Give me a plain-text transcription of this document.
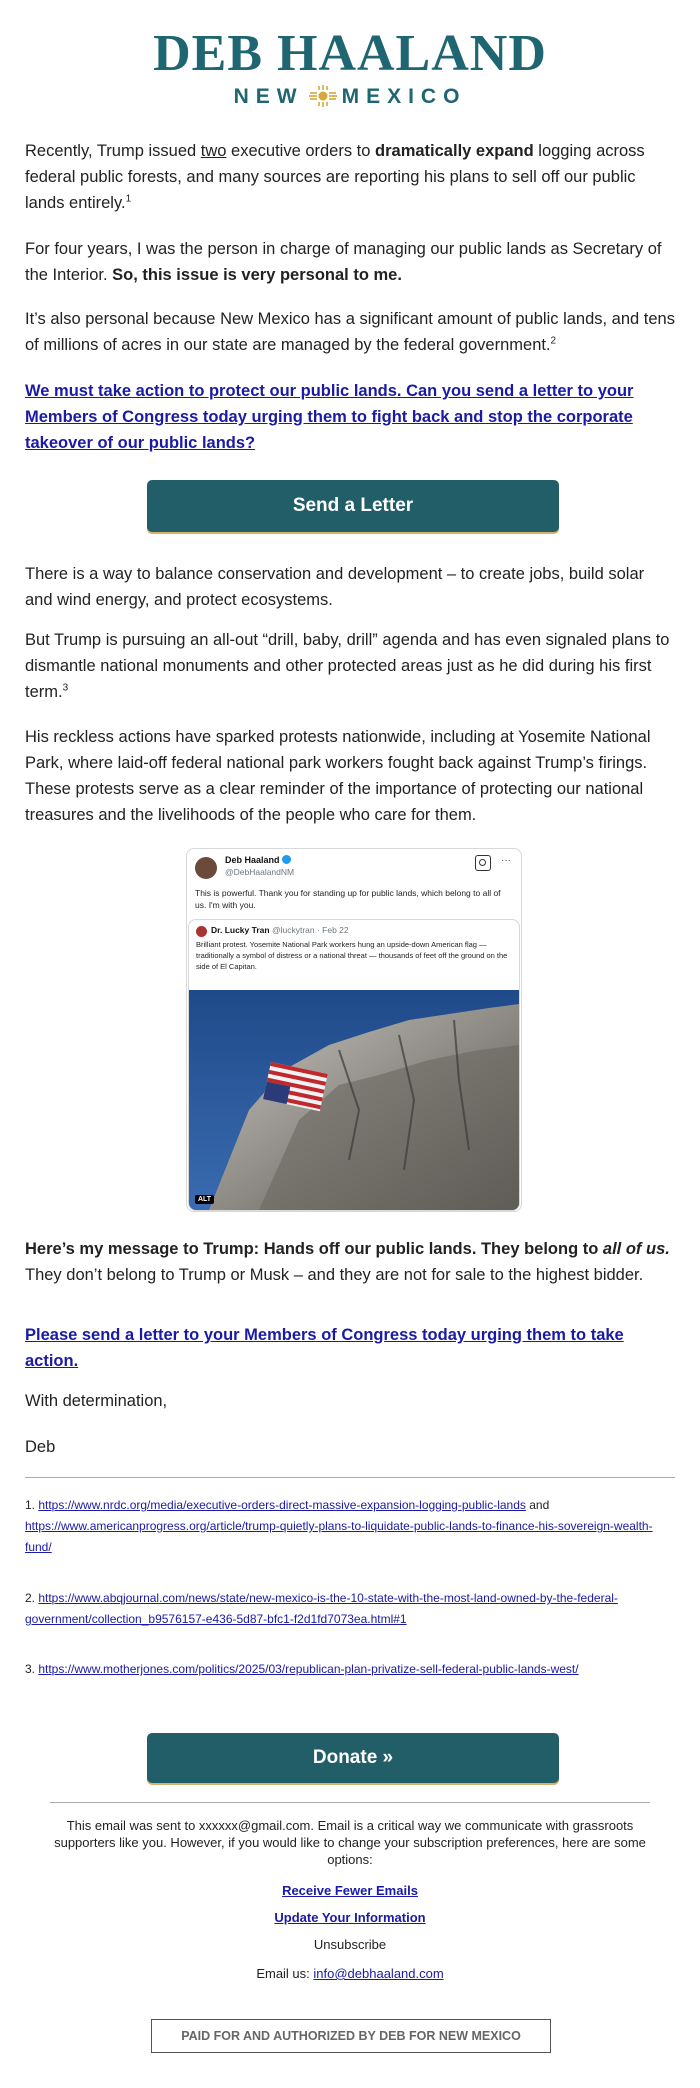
DEB HAALAND
NEW MEXICO
Recently, Trump issued two executive orders to dramatically expand logging across federal public forests, and many sources are reporting his plans to sell off our public lands entirely.$^1$
For four years, I was the person in charge of managing our public lands as Secretary of the Interior. So, this issue is very personal to me.
It’s also personal because New Mexico has a significant amount of public lands, and tens of millions of acres in our state are managed by the federal government.$^2$
We must take action to protect our public lands. Can you send a letter to your Members of Congress today urging them to fight back and stop the corporate takeover of our public lands?
Send a Letter
There is a way to balance conservation and development – to create jobs, build solar and wind energy, and protect ecosystems.
But Trump is pursuing an all-out “drill, baby, drill” agenda and has even signaled plans to dismantle national monuments and other protected areas just as he did during his first term.$^3$
His reckless actions have sparked protests nationwide, including at Yosemite National Park, where laid-off federal national park workers fought back against Trump’s firings. These protests serve as a clear reminder of the importance of protecting our national treasures and the livelihoods of the people who care for them.
Deb Haaland
@DebHaalandNM
···
This is powerful. Thank you for standing up for public lands, which belong to all of us. I'm with you.
Dr. Lucky Tran @luckytran · Feb 22
Brilliant protest. Yosemite National Park workers hung an upside-down American flag — traditionally a symbol of distress or a national threat — thousands of feet off the ground on the side of El Capitan.
ALT
Here’s my message to Trump: Hands off our public lands. They belong to all of us. They don’t belong to Trump or Musk – and they are not for sale to the highest bidder.
Please send a letter to your Members of Congress today urging them to take action.
With determination,
Deb
1. https://www.nrdc.org/media/executive-orders-direct-massive-expansion-logging-public-lands and https://www.americanprogress.org/article/trump-quietly-plans-to-liquidate-public-lands-to-finance-his-sovereign-wealth-fund/
2. https://www.abqjournal.com/news/state/new-mexico-is-the-10-state-with-the-most-land-owned-by-the-federal-government/collection_b9576157-e436-5d87-bfc1-f2d1fd7073ea.html#1
3. https://www.motherjones.com/politics/2025/03/republican-plan-privatize-sell-federal-public-lands-west/
Donate »
This email was sent to xxxxxx@gmail.com. Email is a critical way we communicate with grassroots supporters like you. However, if you would like to change your subscription preferences, here are some options:
Receive Fewer Emails
Update Your Information
Unsubscribe
Email us: info@debhaaland.com
PAID FOR AND AUTHORIZED BY DEB FOR NEW MEXICO
